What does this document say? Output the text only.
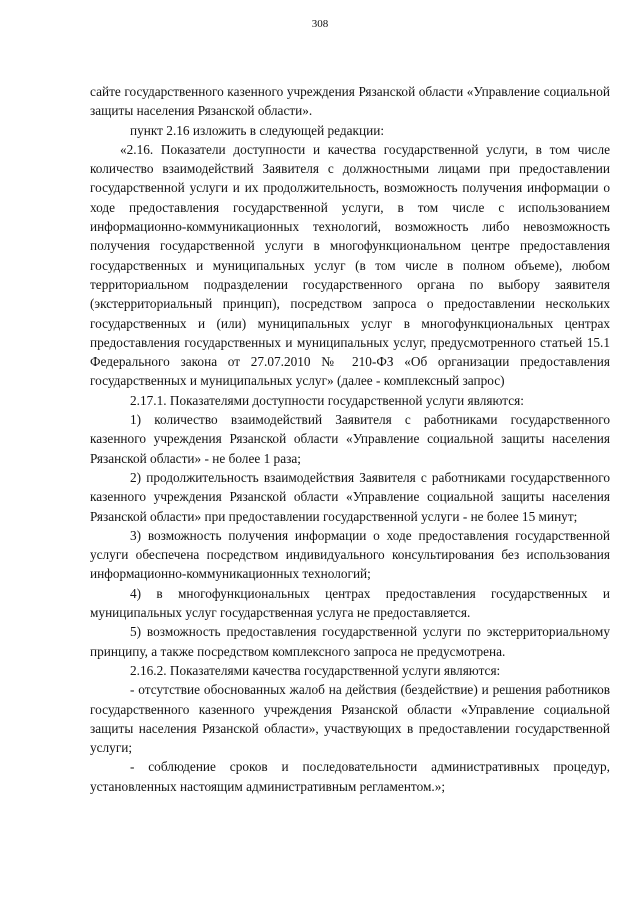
308

сайте государственного казенного учреждения Рязанской области «Управление социальной защиты населения Рязанской области».

пункт 2.16 изложить в следующей редакции:

«2.16. Показатели доступности и качества государственной услуги, в том числе количество взаимодействий Заявителя с должностными лицами при предоставлении государственной услуги и их продолжительность, возможность получения информации о ходе предоставления государственной услуги, в том числе с использованием информационно-коммуникационных технологий, возможность либо невозможность получения государственной услуги в многофункциональном центре предоставления государственных и муниципальных услуг (в том числе в полном объеме), любом территориальном подразделении государственного органа по выбору заявителя (экстерриториальный принцип), посредством запроса о предоставлении нескольких государственных и (или) муниципальных услуг в многофункциональных центрах предоставления государственных и муниципальных услуг, предусмотренного статьей 15.1 Федерального закона от 27.07.2010 № 210-ФЗ «Об организации предоставления государственных и муниципальных услуг» (далее - комплексный запрос)

2.17.1. Показателями доступности государственной услуги являются:

1) количество взаимодействий Заявителя с работниками государственного казенного учреждения Рязанской области «Управление социальной защиты населения Рязанской области» - не более 1 раза;

2) продолжительность взаимодействия Заявителя с работниками государственного казенного учреждения Рязанской области «Управление социальной защиты населения Рязанской области» при предоставлении государственной услуги - не более 15 минут;

3) возможность получения информации о ходе предоставления государственной услуги обеспечена посредством индивидуального консультирования без использования информационно-коммуникационных технологий;

4) в многофункциональных центрах предоставления государственных и муниципальных услуг государственная услуга не предоставляется.

5) возможность предоставления государственной услуги по экстерриториальному принципу, а также посредством комплексного запроса не предусмотрена.

2.16.2. Показателями качества государственной услуги являются:

- отсутствие обоснованных жалоб на действия (бездействие) и решения работников государственного казенного учреждения Рязанской области «Управление социальной защиты населения Рязанской области», участвующих в предоставлении государственной услуги;

- соблюдение сроков и последовательности административных процедур, установленных настоящим административным регламентом.»;
